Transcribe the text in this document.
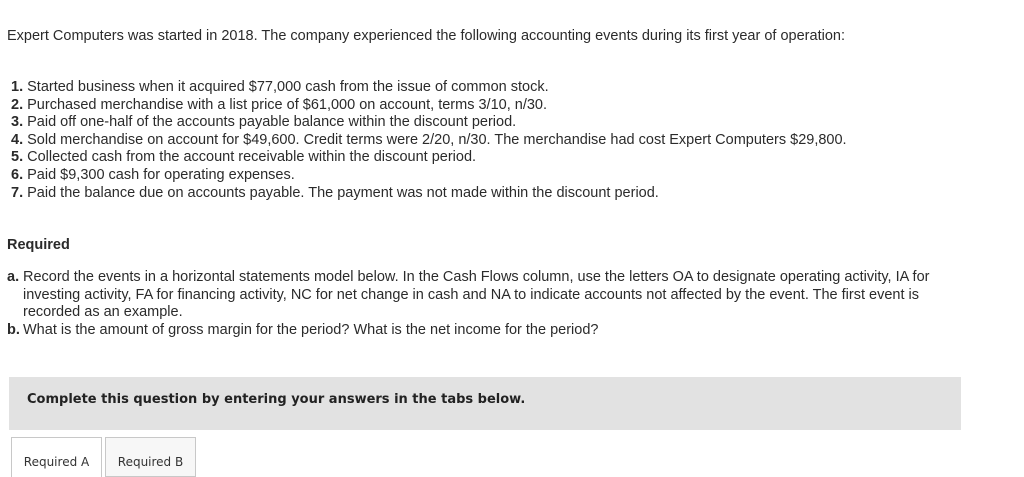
Expert Computers was started in 2018. The company experienced the following accounting events during its first year of operation:
1. Started business when it acquired $77,000 cash from the issue of common stock.
2. Purchased merchandise with a list price of $61,000 on account, terms 3/10, n/30.
3. Paid off one-half of the accounts payable balance within the discount period.
4. Sold merchandise on account for $49,600. Credit terms were 2/20, n/30. The merchandise had cost Expert Computers $29,800.
5. Collected cash from the account receivable within the discount period.
6. Paid $9,300 cash for operating expenses.
7. Paid the balance due on accounts payable. The payment was not made within the discount period.
Required
a. Record the events in a horizontal statements model below. In the Cash Flows column, use the letters OA to designate operating activity, IA for investing activity, FA for financing activity, NC for net change in cash and NA to indicate accounts not affected by the event. The first event is recorded as an example.
b. What is the amount of gross margin for the period? What is the net income for the period?
Complete this question by entering your answers in the tabs below.
Required A	Required B
